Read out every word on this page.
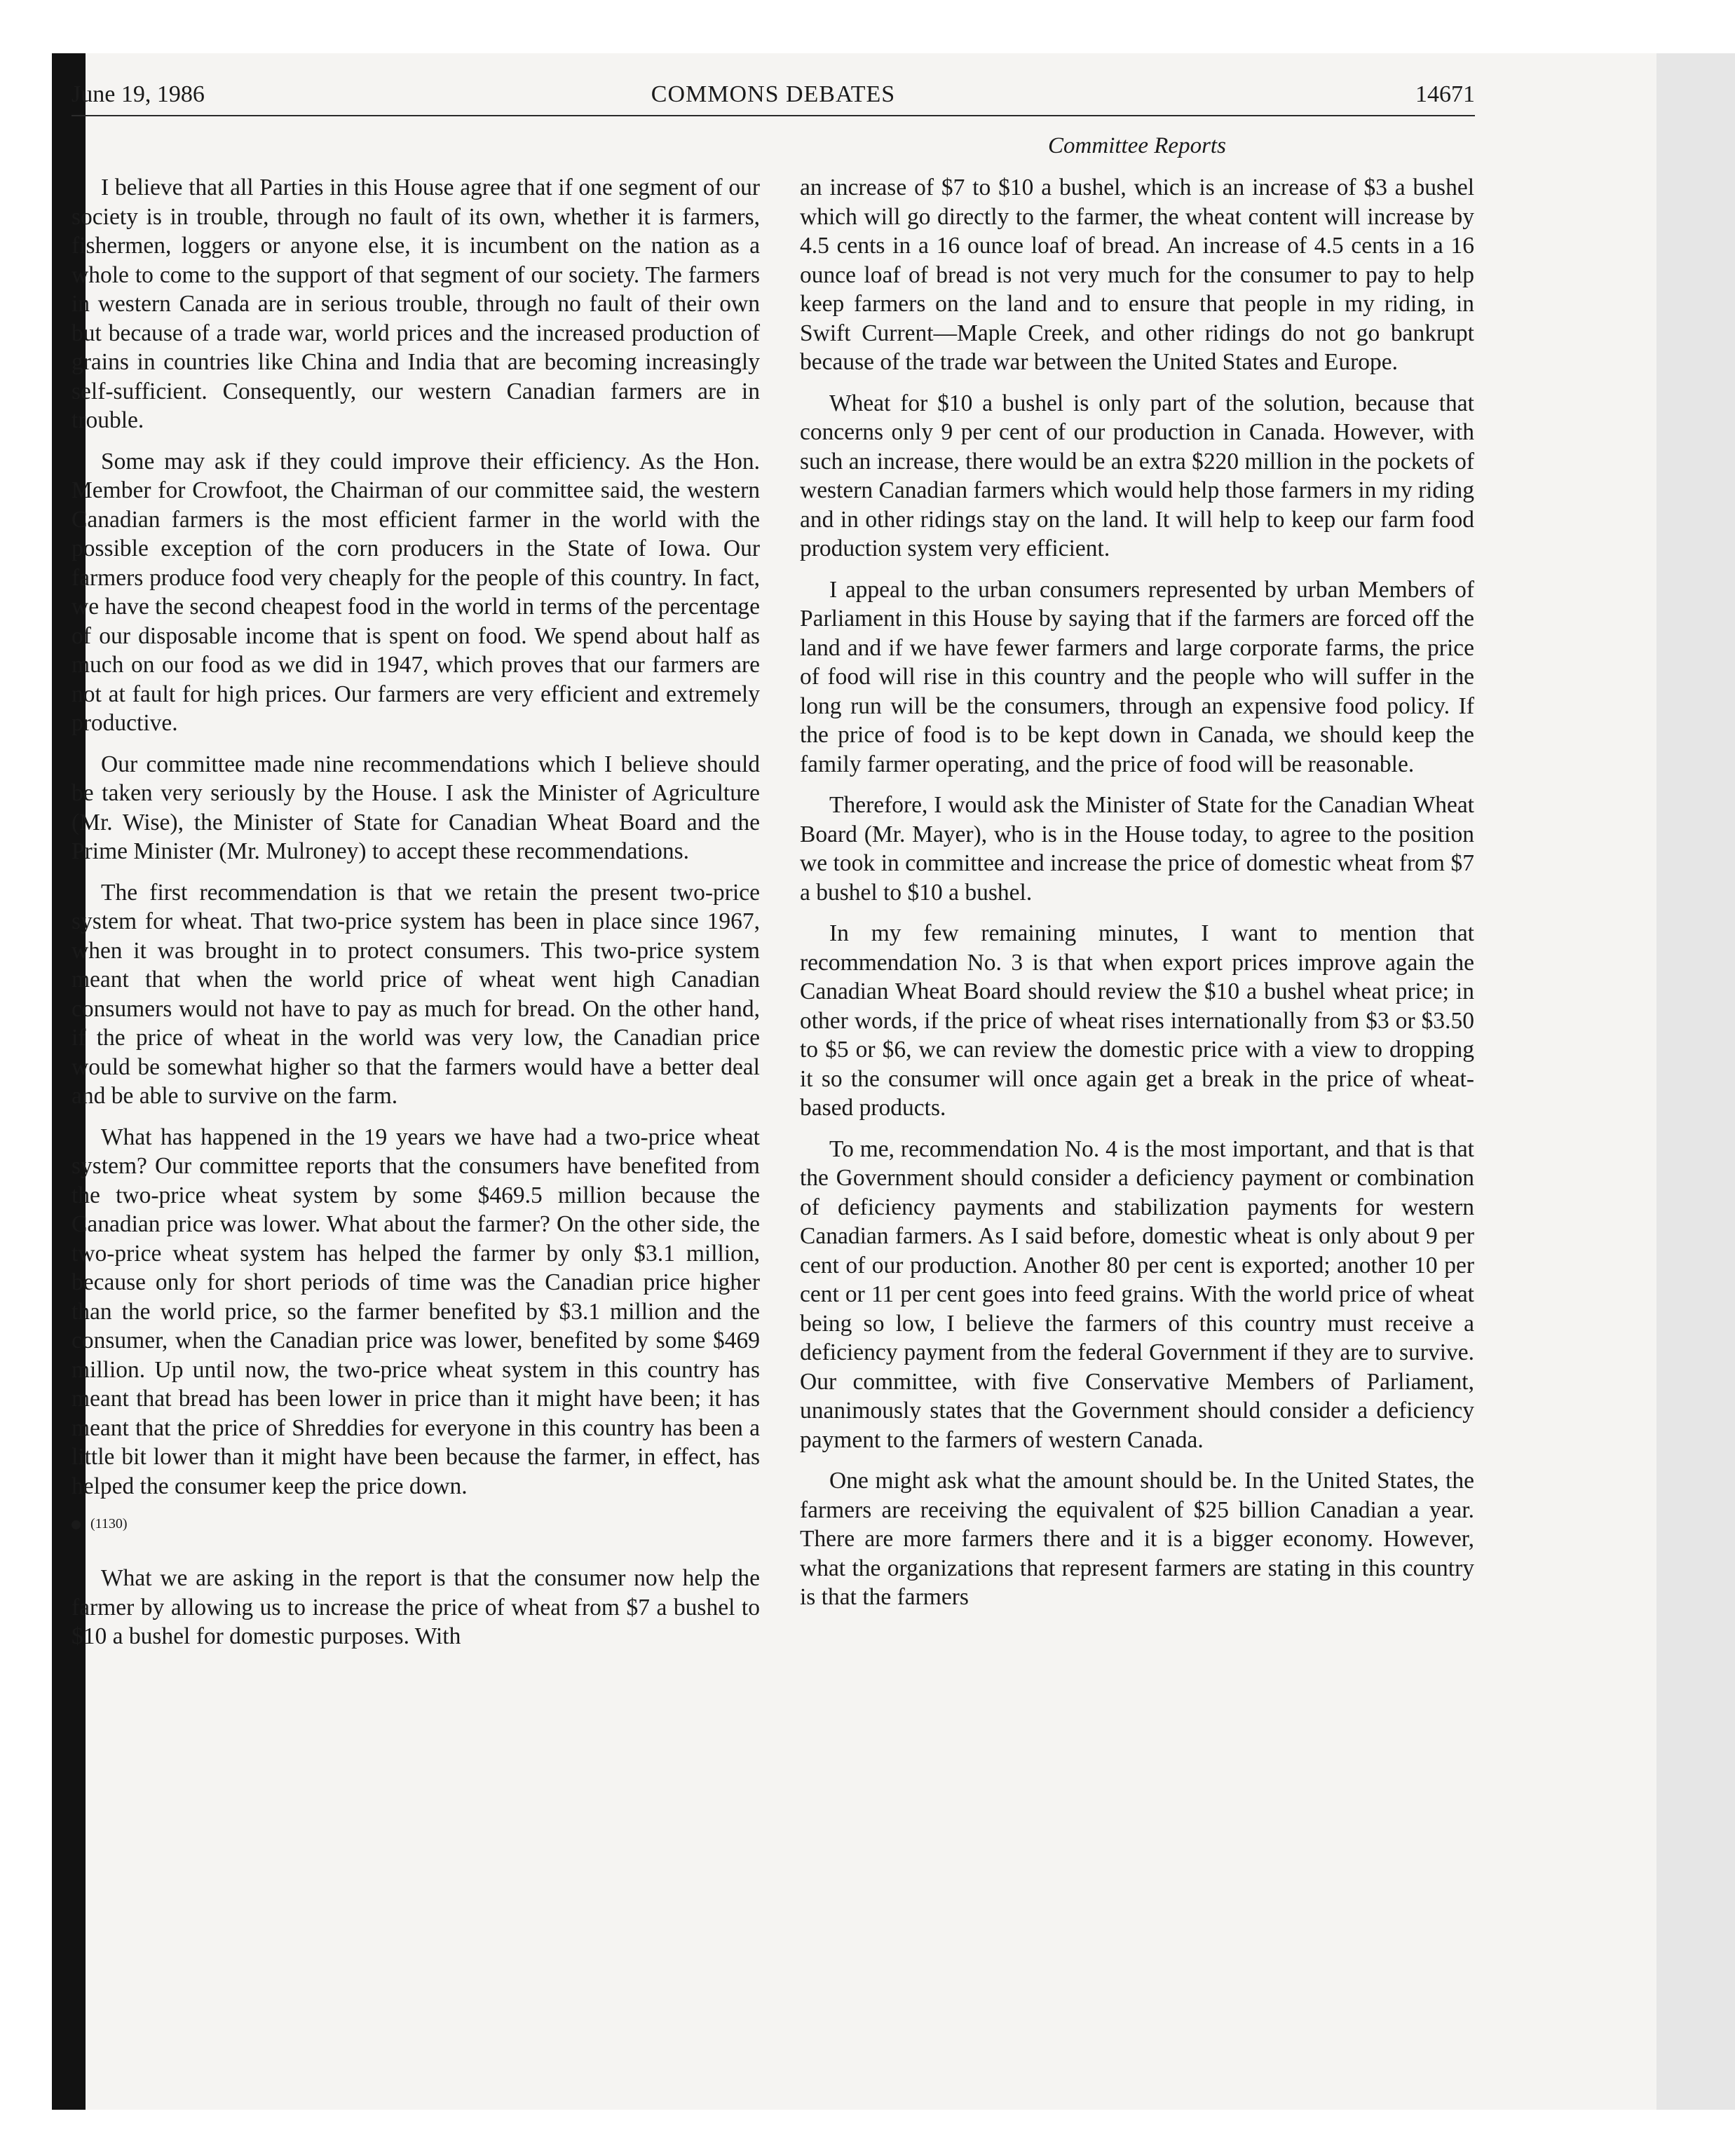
June 19, 1986	COMMONS DEBATES	14671
Committee Reports

I believe that all Parties in this House agree that if one segment of our society is in trouble, through no fault of its own, whether it is farmers, fishermen, loggers or anyone else, it is incumbent on the nation as a whole to come to the support of that segment of our society. The farmers in western Canada are in serious trouble, through no fault of their own but because of a trade war, world prices and the increased production of grains in countries like China and India that are becoming increasingly self-sufficient. Consequently, our western Canadian farmers are in trouble.

Some may ask if they could improve their efficiency. As the Hon. Member for Crowfoot, the Chairman of our committee said, the western Canadian farmers is the most efficient farmer in the world with the possible exception of the corn producers in the State of Iowa. Our farmers produce food very cheaply for the people of this country. In fact, we have the second cheapest food in the world in terms of the percentage of our disposable income that is spent on food. We spend about half as much on our food as we did in 1947, which proves that our farmers are not at fault for high prices. Our farmers are very efficient and extremely productive.

Our committee made nine recommendations which I believe should be taken very seriously by the House. I ask the Minister of Agriculture (Mr. Wise), the Minister of State for Canadian Wheat Board and the Prime Minister (Mr. Mulroney) to accept these recommendations.

The first recommendation is that we retain the present two-price system for wheat. That two-price system has been in place since 1967, when it was brought in to protect consumers. This two-price system meant that when the world price of wheat went high Canadian consumers would not have to pay as much for bread. On the other hand, if the price of wheat in the world was very low, the Canadian price would be somewhat higher so that the farmers would have a better deal and be able to survive on the farm.

What has happened in the 19 years we have had a two-price wheat system? Our committee reports that the consumers have benefited from the two-price wheat system by some $469.5 million because the Canadian price was lower. What about the farmer? On the other side, the two-price wheat system has helped the farmer by only $3.1 million, because only for short periods of time was the Canadian price higher than the world price, so the farmer benefited by $3.1 million and the consumer, when the Canadian price was lower, benefited by some $469 million. Up until now, the two-price wheat system in this country has meant that bread has been lower in price than it might have been; it has meant that the price of Shreddies for everyone in this country has been a little bit lower than it might have been because the farmer, in effect, has helped the consumer keep the price down.

(1130)

What we are asking in the report is that the consumer now help the farmer by allowing us to increase the price of wheat from $7 a bushel to $10 a bushel for domestic purposes. With

an increase of $7 to $10 a bushel, which is an increase of $3 a bushel which will go directly to the farmer, the wheat content will increase by 4.5 cents in a 16 ounce loaf of bread. An increase of 4.5 cents in a 16 ounce loaf of bread is not very much for the consumer to pay to help keep farmers on the land and to ensure that people in my riding, in Swift Current—Maple Creek, and other ridings do not go bankrupt because of the trade war between the United States and Europe.

Wheat for $10 a bushel is only part of the solution, because that concerns only 9 per cent of our production in Canada. However, with such an increase, there would be an extra $220 million in the pockets of western Canadian farmers which would help those farmers in my riding and in other ridings stay on the land. It will help to keep our farm food production system very efficient.

I appeal to the urban consumers represented by urban Members of Parliament in this House by saying that if the farmers are forced off the land and if we have fewer farmers and large corporate farms, the price of food will rise in this country and the people who will suffer in the long run will be the consumers, through an expensive food policy. If the price of food is to be kept down in Canada, we should keep the family farmer operating, and the price of food will be reasonable.

Therefore, I would ask the Minister of State for the Canadian Wheat Board (Mr. Mayer), who is in the House today, to agree to the position we took in committee and increase the price of domestic wheat from $7 a bushel to $10 a bushel.

In my few remaining minutes, I want to mention that recommendation No. 3 is that when export prices improve again the Canadian Wheat Board should review the $10 a bushel wheat price; in other words, if the price of wheat rises internationally from $3 or $3.50 to $5 or $6, we can review the domestic price with a view to dropping it so the consumer will once again get a break in the price of wheat-based products.

To me, recommendation No. 4 is the most important, and that is that the Government should consider a deficiency payment or combination of deficiency payments and stabilization payments for western Canadian farmers. As I said before, domestic wheat is only about 9 per cent of our production. Another 80 per cent is exported; another 10 per cent or 11 per cent goes into feed grains. With the world price of wheat being so low, I believe the farmers of this country must receive a deficiency payment from the federal Government if they are to survive. Our committee, with five Conservative Members of Parliament, unanimously states that the Government should consider a deficiency payment to the farmers of western Canada.

One might ask what the amount should be. In the United States, the farmers are receiving the equivalent of $25 billion Canadian a year. There are more farmers there and it is a bigger economy. However, what the organizations that represent farmers are stating in this country is that the farmers
